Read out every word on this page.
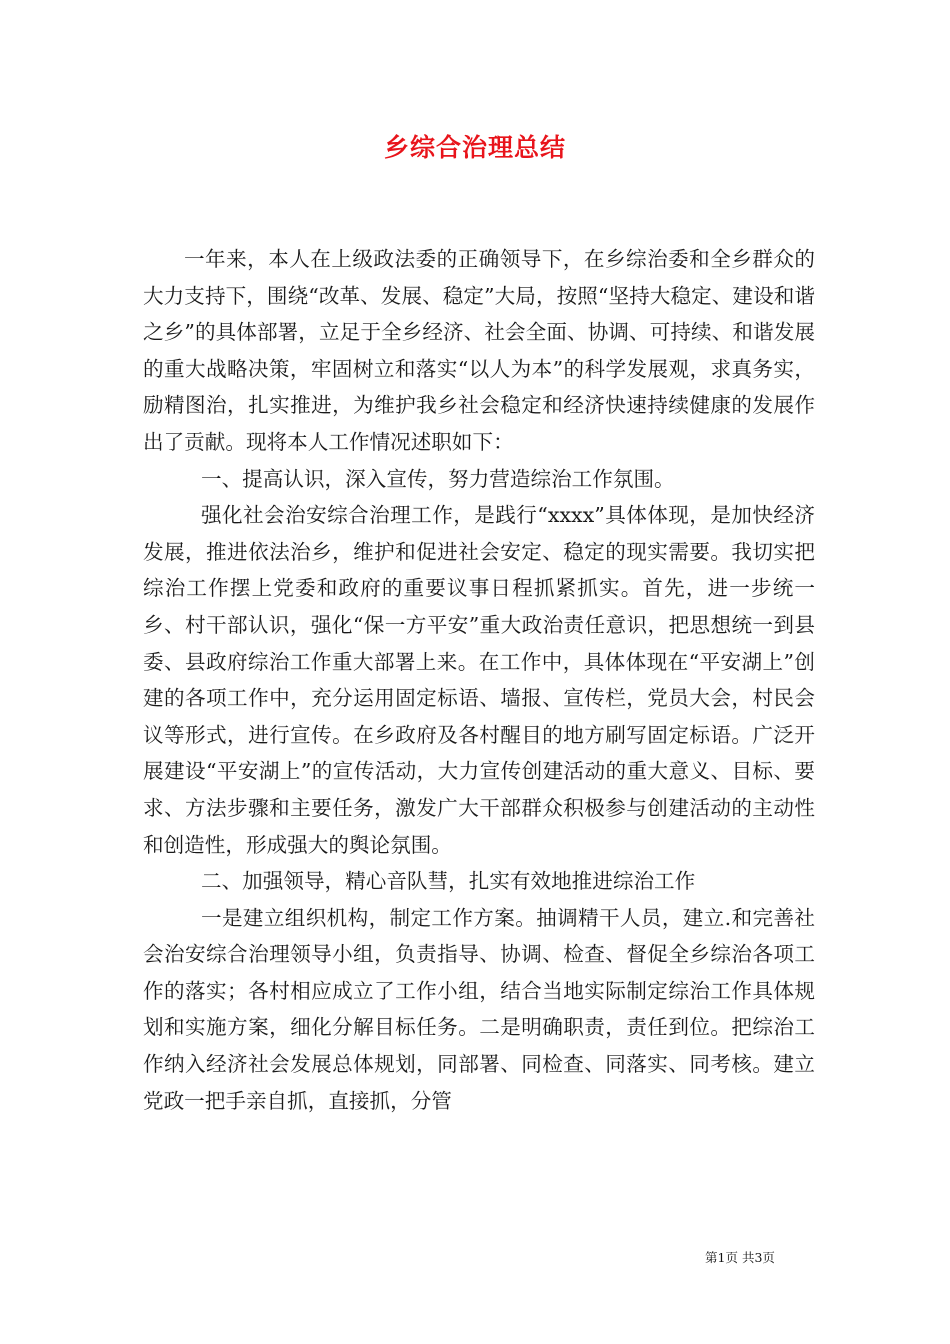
乡综合治理总结

一年来，本人在上级政法委的正确领导下，在乡综治委和全乡群众的大力支持下，围绕“改革、发展、稳定”大局，按照“坚持大稳定、建设和谐之乡”的具体部署，立足于全乡经济、社会全面、协调、可持续、和谐发展的重大战略决策，牢固树立和落实“以人为本”的科学发展观，求真务实，励精图治，扎实推进，为维护我乡社会稳定和经济快速持续健康的发展作出了贡献。现将本人工作情况述职如下：

一、提高认识，深入宣传，努力营造综治工作氛围。

强化社会治安综合治理工作，是践行“xxxx”具体体现，是加快经济发展，推进依法治乡，维护和促进社会安定、稳定的现实需要。我切实把综治工作摆上党委和政府的重要议事日程抓紧抓实。首先，进一步统一乡、村干部认识，强化“保一方平安”重大政治责任意识，把思想统一到县委、县政府综治工作重大部署上来。在工作中，具体体现在“平安湖上”创建的各项工作中，充分运用固定标语、墙报、宣传栏，党员大会，村民会议等形式，进行宣传。在乡政府及各村醒目的地方刷写固定标语。广泛开展建设“平安湖上”的宣传活动，大力宣传创建活动的重大意义、目标、要求、方法步骤和主要任务，激发广大干部群众积极参与创建活动的主动性和创造性，形成强大的舆论氛围。

二、加强领导，精心音队彗，扎实有效地推进综治工作

一是建立组织机构，制定工作方案。抽调精干人员，建立.和完善社会治安综合治理领导小组，负责指导、协调、检查、督促全乡综治各项工作的落实；各村相应成立了工作小组，结合当地实际制定综治工作具体规划和实施方案，细化分解目标任务。二是明确职责，责任到位。把综治工作纳入经济社会发展总体规划，同部署、同检查、同落实、同考核。建立党政一把手亲自抓，直接抓，分管

第1页 共3页
